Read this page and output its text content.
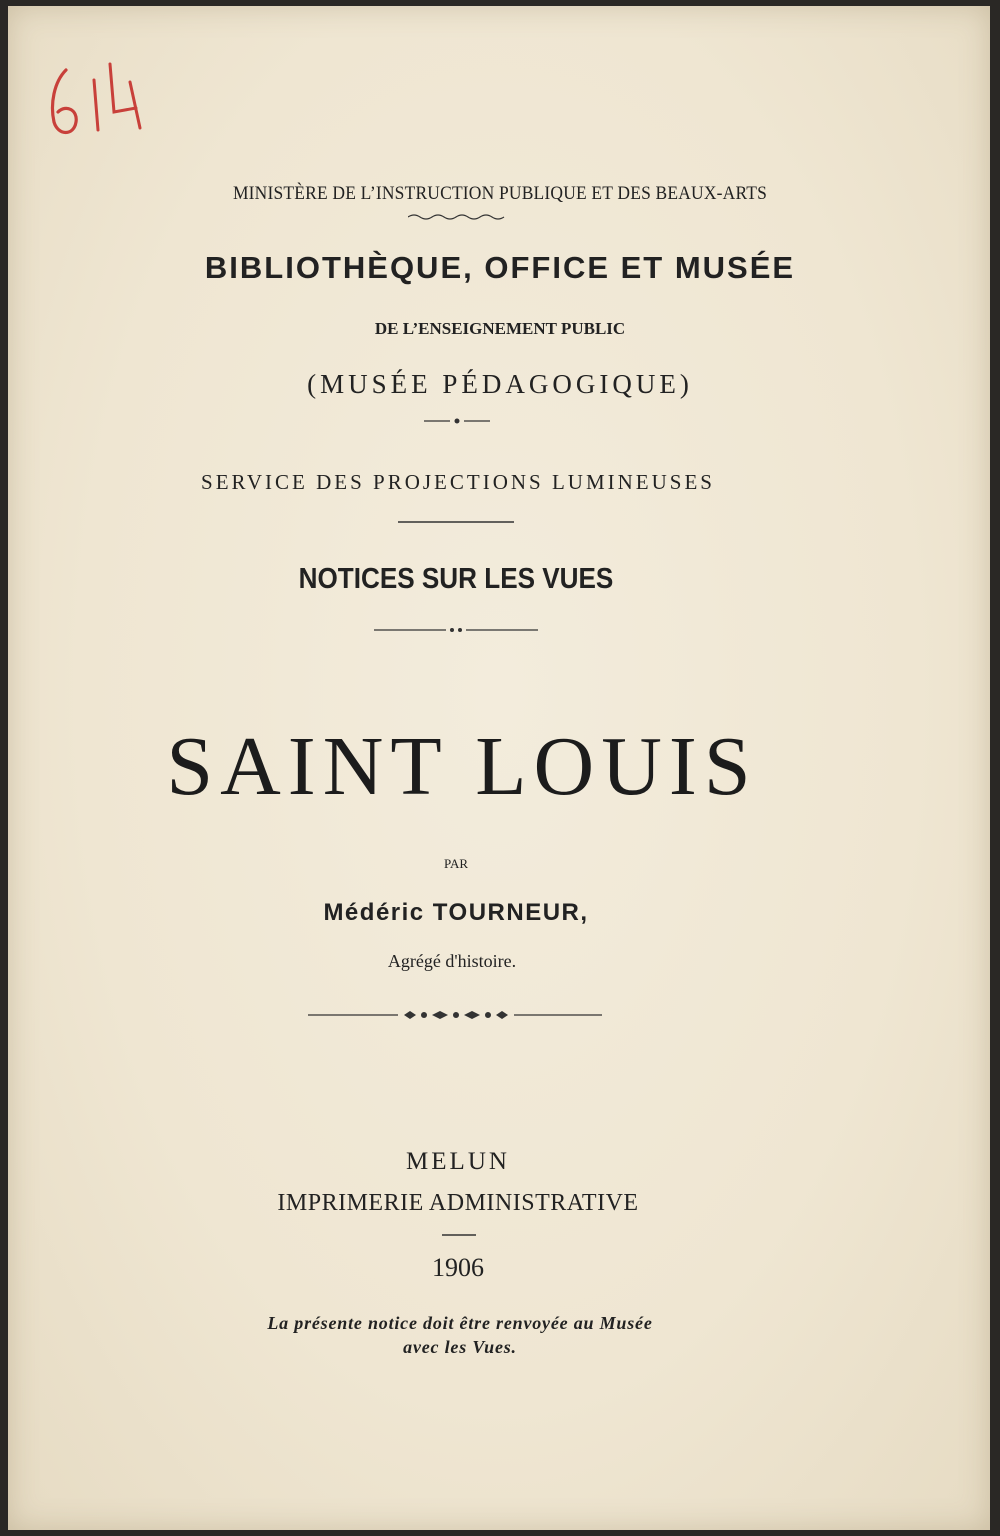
MINISTÈRE DE L’INSTRUCTION PUBLIQUE ET DES BEAUX-ARTS
BIBLIOTHÈQUE, OFFICE ET MUSÉE
DE L’ENSEIGNEMENT PUBLIC
(MUSÉE PÉDAGOGIQUE)
SERVICE DES PROJECTIONS LUMINEUSES
NOTICES SUR LES VUES
SAINT LOUIS
PAR
Médéric TOURNEUR,
Agrégé d'histoire.
MELUN
IMPRIMERIE ADMINISTRATIVE
1906
La présente notice doit être renvoyée au Musée
avec les Vues.
